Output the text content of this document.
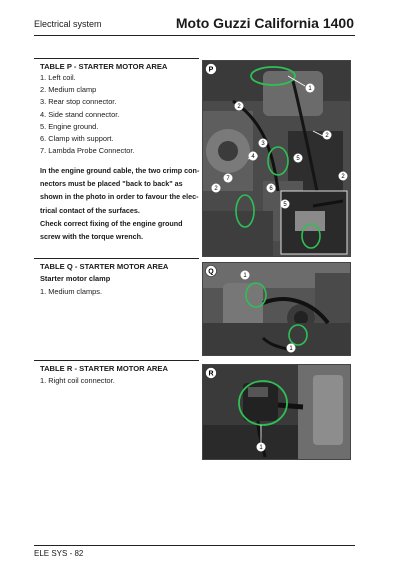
Electrical system	Moto Guzzi California 1400
TABLE P - STARTER MOTOR AREA
1. Left coil.
2. Medium clamp
3. Rear stop connector.
4. Side stand connector.
5. Engine ground.
6. Clamp with support.
7. Lambda Probe Connector.
In the engine ground cable, the two crimp con-
nectors must be placed "back to back" as
shown in the photo in order to favour the elec-
trical contact of the surfaces.
Check correct fixing of the engine ground
screw with the torque wrench.
P
1
2
2
2
3
4	5
6
7
2
5
TABLE Q - STARTER MOTOR AREA
Starter motor clamp
1. Medium clamps.
Q
1
1
TABLE R - STARTER MOTOR AREA
1. Right coil connector.
R
1
ELE SYS - 82
